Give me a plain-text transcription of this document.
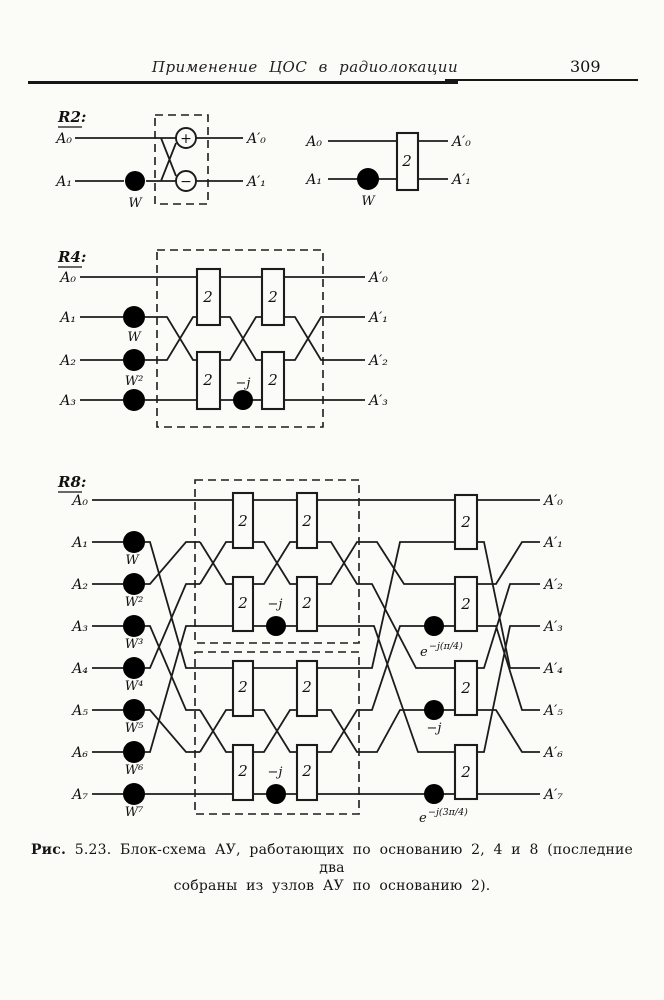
Применение ЦОС в радиолокации	309
+
−
R2:
A₀
A₁
W
A′₀
A′₁
2
A₀
A₁
W
A′₀
A′₁
2
2
2
2
−j
R4:
A₀
A₁
A₂
A₃
W
W²
A′₀
A′₁
A′₂
A′₃
2	2
2	2
2	2
2	2
2
2
2
2
−j
−j
e −j(π/4)
−j
e −j(3π/4)
R8:
A₀
A₁
A₂
A₃
A₄
A₅
A₆
A₇
W
W²
W³
W⁴
W⁵
W⁶
W⁷
A′₀
A′₁
A′₂
A′₃
A′₄
A′₅
A′₆
A′₇
Рис. 5.23. Блок-схема АУ, работающих по основанию 2, 4 и 8 (последние два
собраны из узлов АУ по основанию 2).
